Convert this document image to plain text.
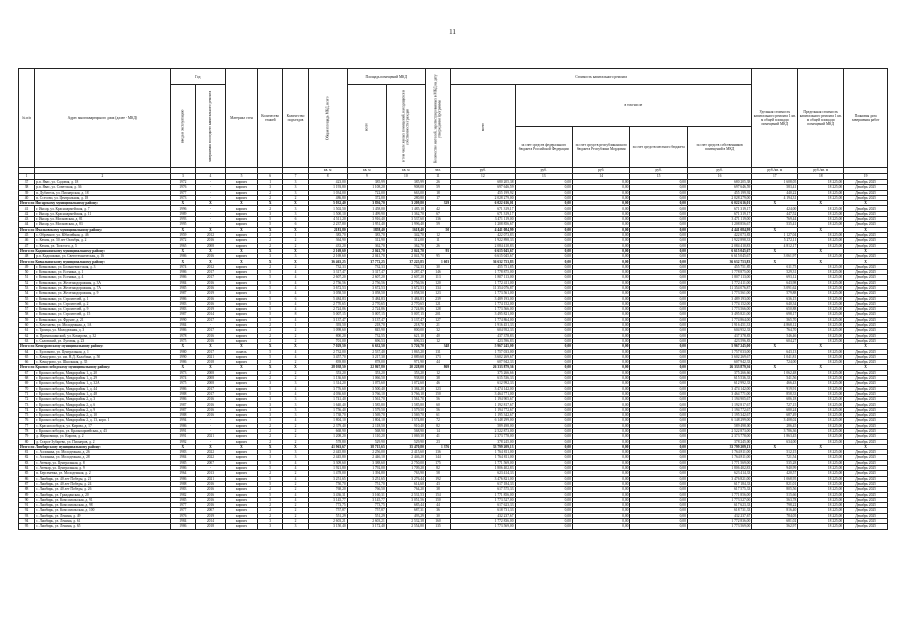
11
№ п/п	Адрес многоквартирного дома (далее - МКД)	Год		Материал стен	Количество этажей	Количество подъездов	Общая площадь МКД, всего	Площадь помещений МКД		Количество жителей, зарегистрированных в МКД на дату утверждения программы	Стоимость капитального ремонта					Удельная стоимость капитального ремонта 1 кв. м общей площади помещений МКД	Предельная стоимость капитального ремонта 1 кв. м общей площади помещений МКД	Плановая дата завершения работ
		ввода в эксплуатацию	завершения последнего капитального ремонта					всего	в том числе жилых помещений, находящихся в собственности граждан		всего	в том числе						
												за счет средств федерального бюджета Российской Федерации	за счет средств республиканского бюджета Республики Мордовия	за счет средств местного бюджета	за счет средств собственников помещений в МКД			
							кв. м	кв. м	кв. м	чел.	руб.	руб.	руб.	руб.	руб.	руб./кв. м	руб./кв. м	
1	2	3	4	5	6	7	8	9	10	11	12	13	14	15	16	17	18	19
37	р.п. Явас, ул. Садовая, д. 18	1972	-	кирпич	1	3	423,00	385,99	385,99	26	680 205,38	0,00	0,00	0,00	680 205,38	1 608,05	18 225,00	Декабрь 2025
38	р.п. Явас, ул. Советская, д. 36	1976	-	кирпич	3	3	1 193,80	1 108,20	908,00	59	697 646,59	0,00	0,00	0,00	697 646,59	583,41	18 225,00	Декабрь 2025
39	п. Дубитель, ул. Пионерская, д. 18	1977	-	кирпич	2	3	1 034,00	722,00	663,00	18	455 199,92	0,00	0,00	0,00	455 199,92	440,22	18 225,00	Декабрь 2025
40	п. Ссесово, ул. Центральная, д. 18	1973	-	кирпич	2	2	486,80	372,00	280,80	17	2 028 279,00	0,00	0,00	0,00	2 028 279,00	4 194,31	18 225,00	Декабрь 2025
Итого по Инсарскому муниципальному району:		X	X	X	X	X	5 032,40	3 836,70	3 209,80	329	6 022 616,01	0,00	0,00	0,00	6 022 616,01	X	X	X
41	г. Инсар, ул. Красноармейская, д. 7	1996	-	кирпич	2	3	1 502,50	1 458,00	1 485,10	42	671 319,17	0,00	0,00	0,00	671 319,17	424,00	18 225,00	Декабрь 2025
42	г. Инсар, ул. Красноармейская, д. 11	1989	-	кирпич	3	3	1 500,10	1 499,90	1 362,70	67	671 319,17	0,00	0,00	0,00	671 319,17	447,52	18 225,00	Декабрь 2025
43	г. Инсар, ул. Московская, д. 81	1993	-	кирпич	5	6	4 511,20	3 916,40	3 537,60	136	3 471 119,00	0,00	0,00	0,00	3 471 119,00	769,44	18 225,00	Декабрь 2025
44	г. Инсар, ул. Московская, д. 83	1995	-	кирпич	5	6	2 237,80	1 951,40	1 996,40	59	1 208 856,67	0,00	0,00	0,00	1 208 856,67	535,41	18 225,00	Декабрь 2025
Итого по Ичалковскому муниципальному району:		X	X	X	X	X	2181,80	1858,40	1618,40	50	4 441 084,99	0,00	0,00	0,00	4 441 084,99	X	X	X
45	с. Оброчное, ул. Юбилейная, д. 46	1959	2012	кирпич	2	1	383,70	383,70	342,70	12	422 073,83	0,00	0,00	0,00	422 073,83	1 127,04	18 225,00	Декабрь 2025
46	с. Кемля, ул. 50 лет Октября, д. 2	1972	2016	кирпич	2	2	364,90	312,90	312,00	11	1 922 898,33	0,00	0,00	0,00	1 922 898,33	5 272,11	18 225,00	Декабрь 2025
47	с. Кемля, ул. Толстого, д. 5	1965	2008	кирпич	2	2	433,20	362,70	362,70	26	2 084 410,83	0,00	0,00	0,00	2 084 410,83	4 812,17	18 225,00	Декабрь 2025
Итого по Кадошкинскому муниципальному району:		X	X	X	X	X	2 169,60	2 041,70	2 041,70	95	6 615 045,67	0,00	0,00	0,00	6 615 045,67	X	X	X
48	р.п. Кадошкино, ул. Светотехническая, д. 16	1986	2016	кирпич	3	3	2 169,60	2 041,70	2 041,70	95	6 615 045,67	0,00	0,00	0,00	6 615 045,67	3 061,97	18 225,00	Декабрь 2025
Итого по Ковылкинскому муниципальному району:		X	X	X	X	X	36 463,25	37 772,25	37 225,85	1 603	36 632 753,83	0,00	0,00	0,00	36 632 753,83	X	X	X
49	г. Ковылкино, ул. Большевистская, д. 3	1974	2012	кирпич	2	2	732,33	732,33	732,33	30	455 751,85	0,00	0,00	0,00	455 751,85	611,75	18 225,00	Декабрь 2025
50	г. Ковылкино, ул. Есенина, д. 1	1986	2017	кирпич	5	4	3 317,47	3 317,47	3 287,47	146	1 778 875,00	0,00	0,00	0,00	1 778 875,00	529,31	18 225,00	Декабрь 2025
51	г. Ковылкино, ул. Есенина, д. 4	1986	2017	кирпич	5	4	2 607,20	2 607,20	2 607,20	113	1 807 113,00	0,00	0,00	0,00	1 807 113,00	693,12	18 225,00	Декабрь 2025
52	г. Ковылкино, ул. Железнодорожная, д. 3А	1984	2016	кирпич	5	4	2 756,56	2 756,56	2 756,56	120	1 772 411,00	0,00	0,00	0,00	1 772 411,00	643,98	18 225,00	Декабрь 2025
53	г. Ковылкино, ул. Железнодорожная, д. 7А	1985	2016	кирпич	5	4	3 672,53	3 672,53	3 672,53	134	11 354 076,87	0,00	0,00	0,00	11 354 076,87	3 091,62	18 225,00	Декабрь 2025
54	г. Ковылкино, ул. Железнодорожная, д. 9	1987	2019	кирпич	5	4	3 058,50	3 058,50	3 058,50	123	1 773 561,00	0,00	0,00	0,00	1 773 561,00	579,88	18 225,00	Декабрь 2025
55	г. Ковылкино, ул. Строителей, д. 1	1986	2016	кирпич	5	6	5 484,83	5 484,83	5 484,83	239	3 489 193,00	0,00	0,00	0,00	3 489 193,00	636,15	18 225,00	Декабрь 2025
56	г. Ковылкино, ул. Строителей, д. 2	1983	2016	кирпич	5	4	2 770,65	2 770,65	2 770,65	121	1 774 152,00	0,00	0,00	0,00	1 774 152,00	640,34	18 225,00	Декабрь 2025
57	г. Ковылкино, ул. Строителей, д. 9	1983	2019	кирпич	5	4	2 724,86	2 724,86	2 724,86	128	1 773 566,00	0,00	0,00	0,00	1 773 566,00	650,88	18 225,00	Декабрь 2025
58	г. Ковылкино, ул. Строителей, д. 15	1987	2014	кирпич	5	8	5 007,15	5 007,15	5 007,15	201	3 495 821,00	0,00	0,00	0,00	3 495 821,00	698,17	18 225,00	Декабрь 2025
59	г. Ковылкино, ул. Фрунзе, д. 21	1990	2017	кирпич	5	4	3 137,47	3 137,47	3 137,47	127	1 774 864,00	0,00	0,00	0,00	1 774 864,00	565,70	18 225,00	Декабрь 2025
60	с. Кочелаево, ул. Молодежная, д. 1А	1984	-	кирпич	2	1	393,50	218,70	218,70	21	1 916 451,33	0,00	0,00	0,00	1 916 451,33	4 868,12	18 225,00	Декабрь 2025
61	с. Троица, ул. Молодежная, д. 3	1986	2017	кирпич	2	2	1 098,60	845,90	800,00	32	604 952,33	0,00	0,00	0,00	604 952,33	764,70	18 225,00	Декабрь 2025
62	п. Примокшанский, ул. Комарова, д. 32	1978	2016	кирпич	2	2	800,20	732,55	621,10	40	437 378,83	0,00	0,00	0,00	437 378,83	546,46	18 225,00	Декабрь 2025
63	с. Саловский, ул. Луговая, д. 23	1975	2016	кирпич	2	2	701,00	696,53	696,53	12	423 596,83	0,00	0,00	0,00	423 596,83	604,27	18 225,00	Декабрь 2025
Итого по Кочкуровскому муниципальному району:		X	X	X	X	X	7 029,50	6 632,50	5 726,70	348	5 967 245,00	0,00	0,00	0,00	5 967 245,00	X	X	X
64	с. Булгаково, ул. Центральная, д. 1	1980	2017	панель	5	4	2 732,00	2 537,40	1 865,20	131	1 757 033,00	0,00	0,00	0,00	1 757 033,00	643,13	18 225,00	Декабрь 2025
65	с. Кочкурово, ул. им. Н.Д. Калабина, д. 50	1990	2021	кирпич	5	4	3 457,70	3 217,30	2 889,60	173	3 602 269,67	0,00	0,00	0,00	3 602 269,67	1 041,81	18 225,00	Декабрь 2025
66	с. Кочкурово, ул. Школьная, д. 35	1986	2018	кирпич	2	2	839,80	878,00	971,90	44	607 942,33	0,00	0,00	0,00	607 942,33	724,00	18 225,00	Декабрь 2025
Итого по Краснослободскому муниципальному району:		X	X	X	X	X	28 038,50	22 867,80	20 228,00	869	26 333 879,36	0,00	0,00	0,00	26 333 879,36	X	X	X
67	г. Краснослободск, Микрорайон 1, д. 20	1973	2008	кирпич	2	2	353,20	353,20	353,20	12	375 266,66	0,00	0,00	0,00	375 266,66	1 062,48	18 225,00	Декабрь 2025
68	г. Краснослободск, Микрорайон 1, д. 29	1974	2008	кирпич	2	2	1 136,60	1 066,50	938,00	38	615 536,33	0,00	0,00	0,00	615 536,33	541,56	18 225,00	Декабрь 2025
69	г. Краснослободск, Микрорайон 1, д. 32А	1975	2008	кирпич	3	3	1 314,20	1 075,60	1 072,60	46	612 992,33	0,00	0,00	0,00	612 992,33	466,43	18 225,00	Декабрь 2025
70	г. Краснослободск, Микрорайон 1, д. 44	1986	2017	кирпич	5	4	3 776,60	3 500,40	3 384,20	123	3 474 142,00	0,00	0,00	0,00	3 474 142,00	919,91	18 225,00	Декабрь 2025
71	г. Краснослободск, Микрорайон 1, д. 48	1988	2017	кирпич	5	4	4 036,60	3 766,10	3 766,10	150	3 464 771,00	0,00	0,00	0,00	3 464 771,00	858,33	18 225,00	Декабрь 2025
72	г. Краснослободск, Микрорайон 2, д. 3	1986	2016	кирпич	3	3	1 741,40	1 561,70	1 561,70	56	1 194 905,67	0,00	0,00	0,00	1 194 905,67	686,18	18 225,00	Декабрь 2025
73	г. Краснослободск, Микрорайон 2, д. 6	1987	2016	кирпич	3	3	1 640,40	1 585,80	1 585,80	60	1 192 817,67	0,00	0,00	0,00	1 192 817,67	727,15	18 225,00	Декабрь 2025
74	г. Краснослободск, Микрорайон 2, д. 9	1987	2016	кирпич	3	3	1 756,40	1 579,50	1 579,50	56	1 194 772,67	0,00	0,00	0,00	1 194 772,67	680,24	18 225,00	Декабрь 2025
75	г. Краснослободск, Микрорайон 2, д. 10	1988	2016	кирпич	3	3	1 738,70	1 569,70	1 569,70	61	1 195 342,67	0,00	0,00	0,00	1 195 342,67	687,49	18 225,00	Декабрь 2025
76	г. Краснослободск, Микрорайон 2, д. 13, корп. 1	1994	-	кирпич	5	4	1 804,10	1 804,10	1 574,80	72	6 148 299,00	0,00	0,00	0,00	6 148 299,00	3 408,02	18 225,00	Декабрь 2025
77	с. Краснослободск, ул. Кирова, д. 17	1986	-	кирпич	2	2	2 379,40	2 118,50	910,40	82	589 498,00	0,00	0,00	0,00	589 498,00	286,45	18 225,00	Декабрь 2025
78	г. Краснослободск, ул. Красноармейская, д. 43	1991	-	кирпич	2	2	668,90	568,90	568,90	14	2 522 873,00	0,00	0,00	0,00	2 522 873,00	3 786,36	18 225,00	Декабрь 2025
79	д. Жерновищи, ул. Кирова, д. 2	1991	2021	кирпич	2	2	1 208,20	1 110,20	1 069,30	41	2 373 778,00	0,00	0,00	0,00	2 373 778,00	1 863,45	18 225,00	Декабрь 2025
80	д. Старое Зубарево, ул. Пионеров, д. 2	1992	-	кирпич	2	2	578,80	529,90	529,90	23	378 245,00	0,00	0,00	0,00	378 245,00	634,00	18 225,00	Декабрь 2025
Итого по Лямбирскому муниципальному району:		X	X	X	X	X	41 963,67	38 715,65	35 470,80	1 376	33 799 209,13	0,00	0,00	0,00	33 799 209,13	X	X	X
81	с. Аллоянка, ул. Молодежная, д. 26	1983	2022	кирпич	3	3	2 445,80	2 256,00	2 415,60	136	1 764 811,00	0,00	0,00	0,00	1 764 811,00	512,15	18 225,00	Декабрь 2025
82	с. Аллоянка, ул. Молодежная, д. 28	1984	2022	кирпич	3	3	2 445,80	2 446,10	2 446,20	144	1 764 811,00	0,00	0,00	0,00	1 764 811,00	721,54	18 225,00	Декабрь 2025
83	с. Атемар, ул. Центральная, д. 8	1985	2007	кирпич	5	4	3 309,60	3 388,60	2 750,00	175	1 771 569,00	0,00	0,00	0,00	1 771 569,00	535,28	18 225,00	Декабрь 2025
84	с. Атемар, ул. Центральная, д. 9	1986	-	кирпич	5	4	1 921,80	1 792,00	1 709,20	82	1 806 402,83	0,00	0,00	0,00	1 806 402,83	940,99	18 225,00	Декабрь 2025
85	п. Берсеневка, ул. Молодежная, д. 2	1964	2013	кирпич	2	2	1 478,00	1 394,80	763,90	58	623 414,33	0,00	0,00	0,00	623 414,33	420,57	18 225,00	Декабрь 2025
86	с. Лямбирь, ул. 40 лет Победы, д. 21	1986	2021	кирпич	5	4	3 251,65	3 251,65	3 276,44	192	3 476 821,00	0,00	0,00	0,00	3 476 821,00	1 068,95	18 225,00	Декабрь 2025
87	с. Лямбирь, ул. 40 лет Победы, д. 24	1988	2016	кирпич	5	2	750,70	751,70	614,60	43	617 184,33	0,00	0,00	0,00	617 184,33	821,01	18 225,00	Декабрь 2025
88	с. Лямбирь, ул. 40 лет Победы, д. 26	1983	2016	кирпич	2	2	768,20	766,50	764,20	38	617 575,33	0,00	0,00	0,00	617 575,33	805,56	18 225,00	Декабрь 2025
89	с. Лямбирь, ул. Гражданская, д. 20	1982	2016	кирпич	5	4	3 436,31	3 160,31	2 531,53	154	1 771 856,00	0,00	0,00	0,00	1 771 856,00	515,66	18 225,00	Декабрь 2025
90	с. Лямбирь, ул. Комсомольская, д. 91	1985	2016	кирпич	5	4	3 145,77	3 145,77	3 051,56	150	1 773 527,00	0,00	0,00	0,00	1 773 527,00	563,78	18 225,00	Декабрь 2025
91	с. Лямбирь, ул. Комсомольская, д. 98	1977	2016	кирпич	2	2	773,75	773,75	685,44	44	617 623,33	0,00	0,00	0,00	617 623,33	798,22	18 225,00	Декабрь 2025
92	с. Лямбирь, ул. Комсомольская, д. 100	1977	2007	кирпич	2	2	757,87	757,87	687,31	36	618 731,33	0,00	0,00	0,00	618 731,33	816,40	18 225,00	Декабрь 2025
93	с. Лямбирь, ул. Ленина, д. 49	1976	2019	кирпич	2	2	551,29	551,29	493,29	30	432 237,67	0,00	0,00	0,00	432 237,67	784,05	18 225,00	Декабрь 2025
94	с. Лямбирь, ул. Ленина, д. 61	1984	2014	кирпич	3	2	2 603,21	2 603,21	2 532,38	160	1 772 836,00	0,00	0,00	0,00	1 772 836,00	681,02	18 225,00	Декабрь 2025
95	с. Лямбирь, ул. Ленина, д. 65	1986	2018	кирпич	3	3	3 150,40	3 172,40	2 554,80	135	1 773 569,00	0,00	0,00	0,00	1 773 569,00	562,97	18 225,00	Декабрь 2025
